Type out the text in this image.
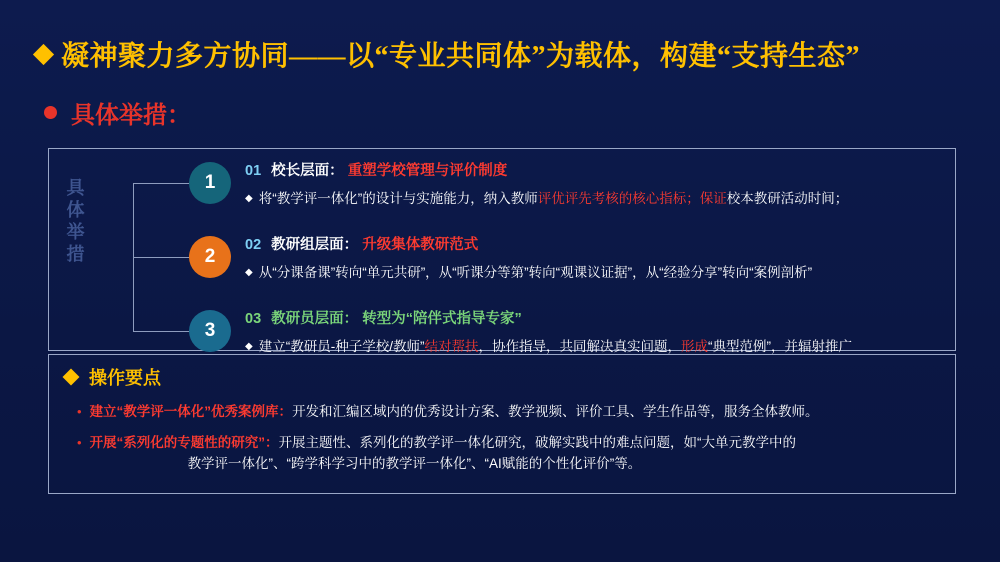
凝神聚力多方协同——以“专业共同体”为载体，构建“支持生态”
具体举措：
具
体
举
措
1
01 校长层面： 重塑学校管理与评价制度
◆ 将“教学评一体化”的设计与实施能力，纳入教师评优评先考核的核心指标；保证校本教研活动时间；
2
02 教研组层面： 升级集体教研范式
◆ 从“分课备课”转向“单元共研”，从“听课分等第”转向“观课议证据”，从“经验分享”转向“案例剖析”
3
03 教研员层面： 转型为“陪伴式指导专家”
◆ 建立“教研员-种子学校/教师”结对帮扶，协作指导，共同解决真实问题，形成“典型范例”，并辐射推广
操作要点
• 建立“教学评一体化”优秀案例库：开发和汇编区域内的优秀设计方案、教学视频、评价工具、学生作品等，服务全体教师。
• 开展“系列化的专题性的研究”：开展主题性、系列化的教学评一体化研究，破解实践中的难点问题，如“大单元教学中的
教学评一体化”、“跨学科学习中的教学评一体化”、“AI赋能的个性化评价”等。
